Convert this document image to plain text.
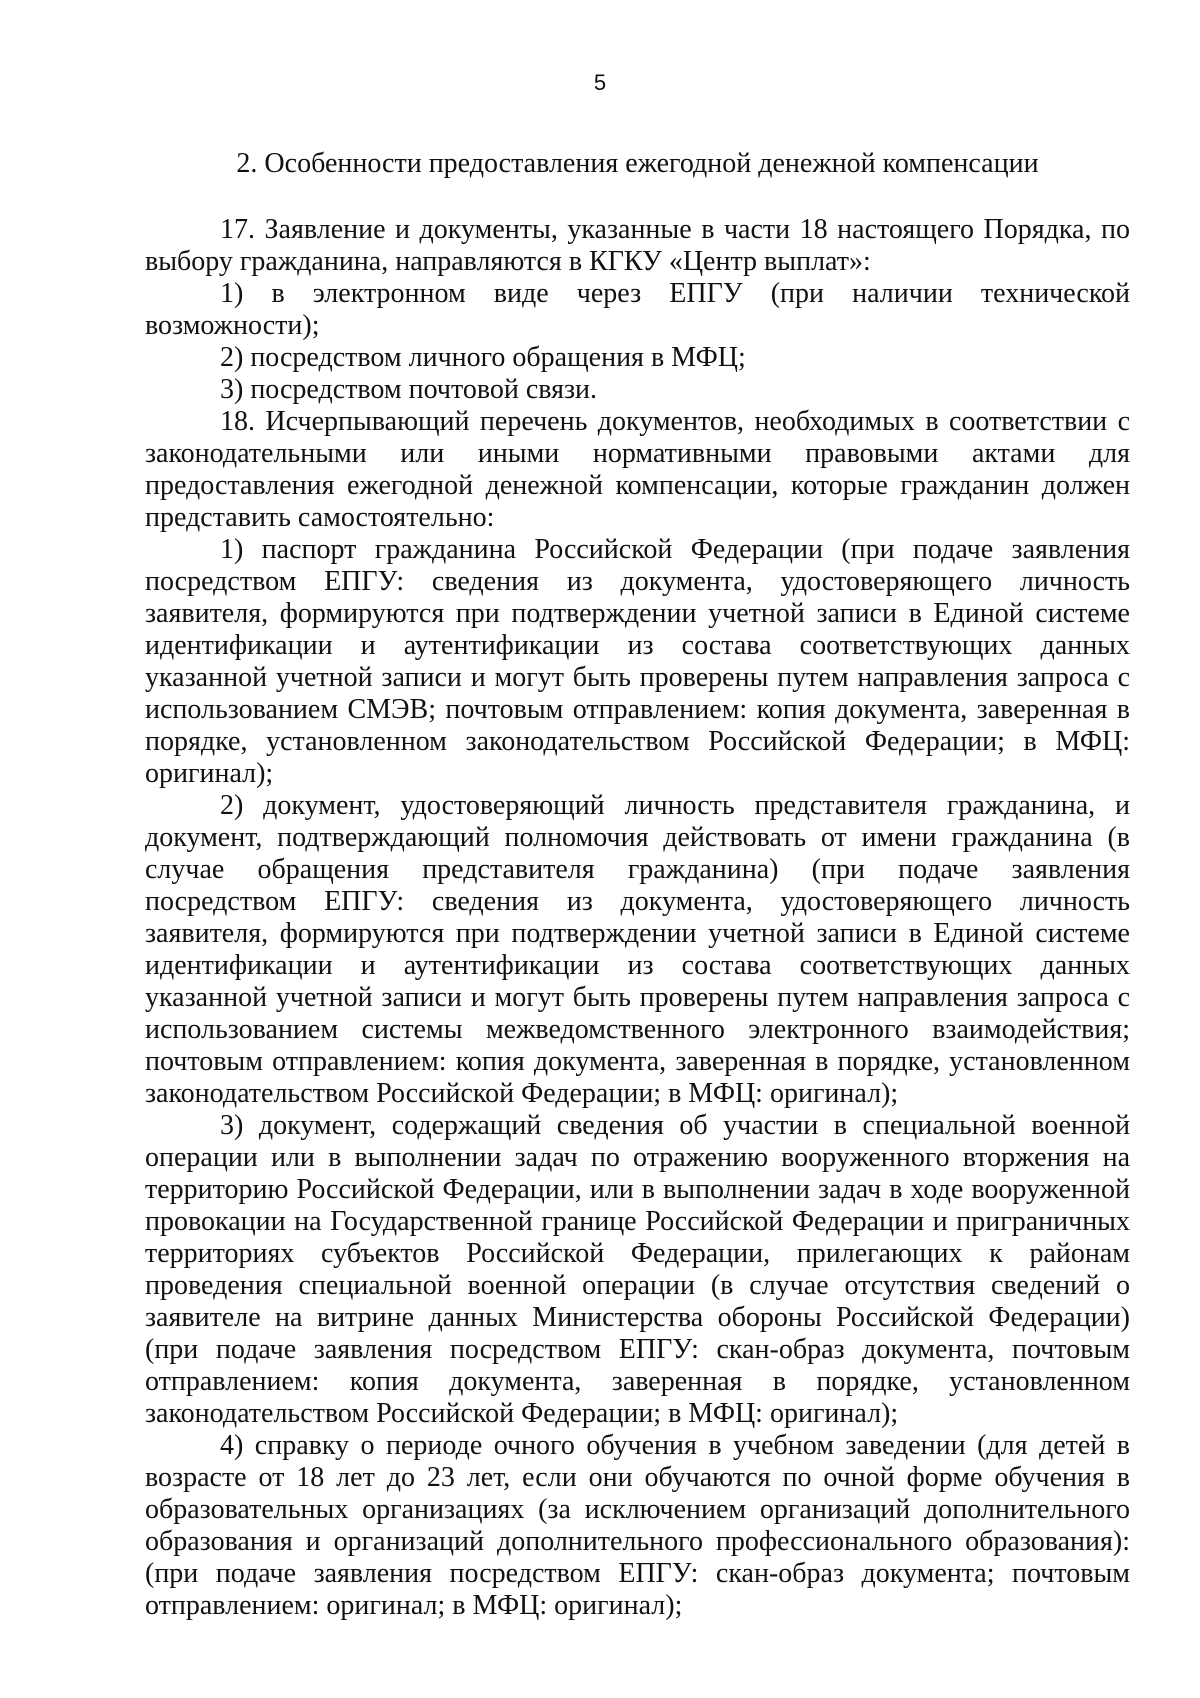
5
2. Особенности предоставления ежегодной денежной компенсации

17. Заявление и документы, указанные в части 18 настоящего Порядка, по выбору гражданина, направляются в КГКУ «Центр выплат»:

1) в электронном виде через ЕПГУ (при наличии технической возможности);

2) посредством личного обращения в МФЦ;

3) посредством почтовой связи.

18. Исчерпывающий перечень документов, необходимых в соответствии с законодательными или иными нормативными правовыми актами для предоставления ежегодной денежной компенсации, которые гражданин должен представить самостоятельно:

1) паспорт гражданина Российской Федерации (при подаче заявления посредством ЕПГУ: сведения из документа, удостоверяющего личность заявителя, формируются при подтверждении учетной записи в Единой системе идентификации и аутентификации из состава соответствующих данных указанной учетной записи и могут быть проверены путем направления запроса с использованием СМЭВ; почтовым отправлением: копия документа, заверенная в порядке, установленном законодательством Российской Федерации; в МФЦ: оригинал);

2) документ, удостоверяющий личность представителя гражданина, и документ, подтверждающий полномочия действовать от имени гражданина (в случае обращения представителя гражданина) (при подаче заявления посредством ЕПГУ: сведения из документа, удостоверяющего личность заявителя, формируются при подтверждении учетной записи в Единой системе идентификации и аутентификации из состава соответствующих данных указанной учетной записи и могут быть проверены путем направления запроса с использованием системы межведомственного электронного взаимодействия; почтовым отправлением: копия документа, заверенная в порядке, установленном законодательством Российской Федерации; в МФЦ: оригинал);

3) документ, содержащий сведения об участии в специальной военной операции или в выполнении задач по отражению вооруженного вторжения на территорию Российской Федерации, или в выполнении задач в ходе вооруженной провокации на Государственной границе Российской Федерации и приграничных территориях субъектов Российской Федерации, прилегающих к районам проведения специальной военной операции (в случае отсутствия сведений о заявителе на витрине данных Министерства обороны Российской Федерации) (при подаче заявления посредством ЕПГУ: скан-образ документа, почтовым отправлением: копия документа, заверенная в порядке, установленном законодательством Российской Федерации; в МФЦ: оригинал);

4) справку о периоде очного обучения в учебном заведении (для детей в возрасте от 18 лет до 23 лет, если они обучаются по очной форме обучения в образовательных организациях (за исключением организаций дополнительного образования и организаций дополнительного профессионального образования): (при подаче заявления посредством ЕПГУ: скан-образ документа; почтовым отправлением: оригинал; в МФЦ: оригинал);
